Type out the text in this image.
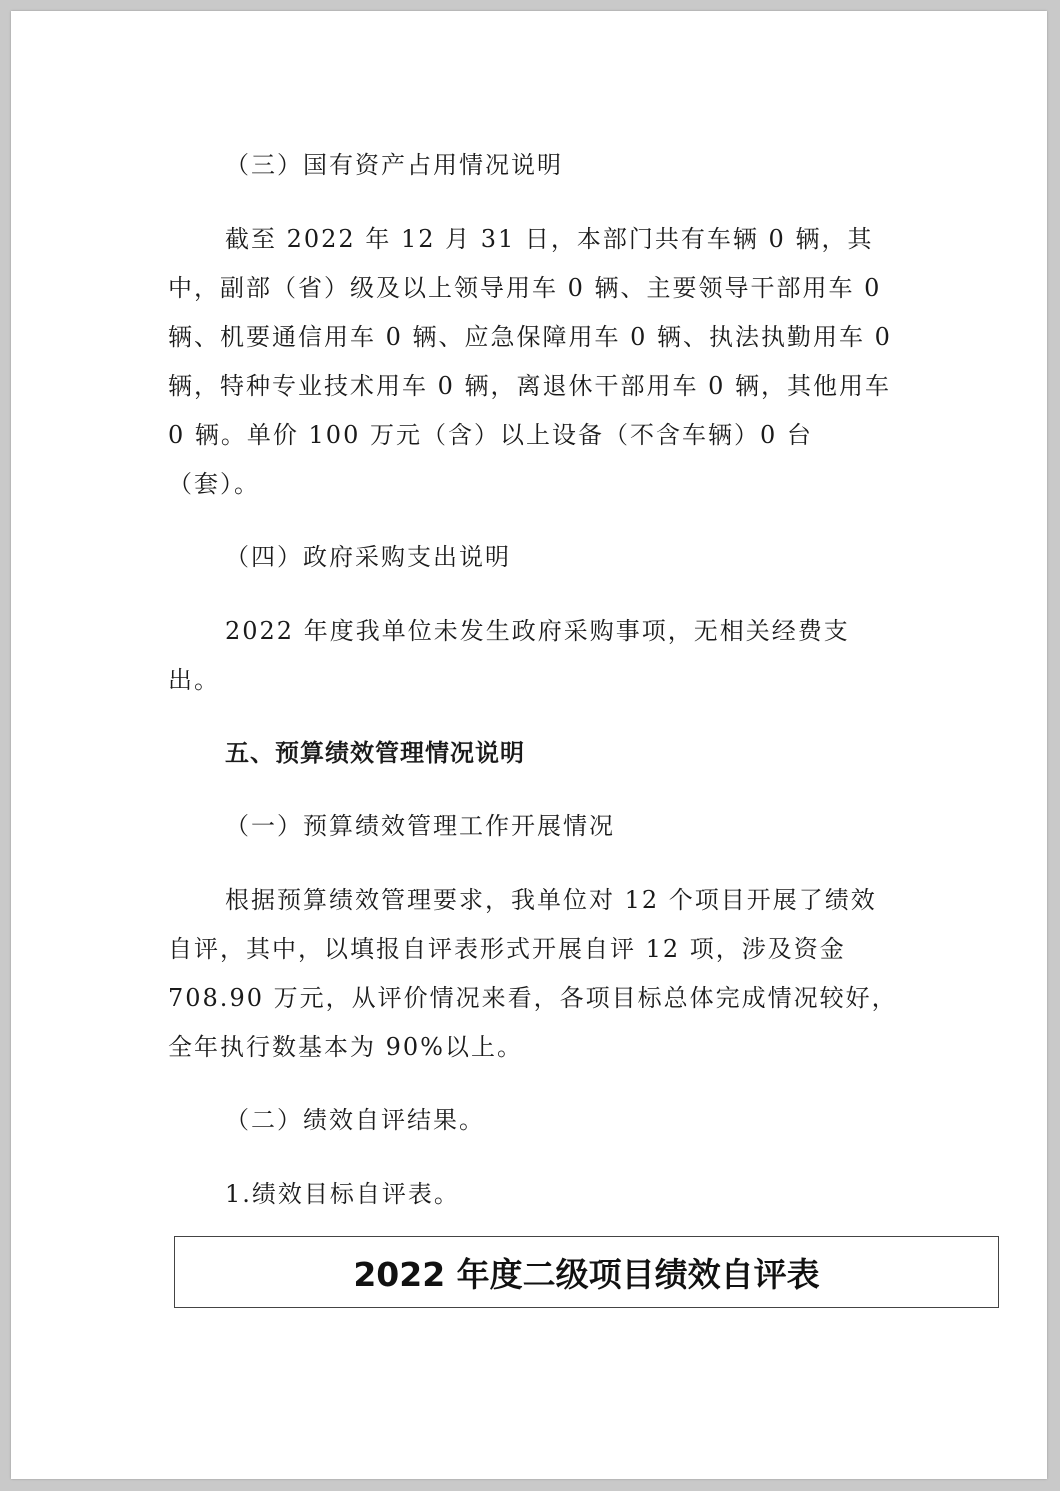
（三）国有资产占用情况说明

截至 2022 年 12 月 31 日，本部门共有车辆 0 辆，其中，副部（省）级及以上领导用车 0 辆、主要领导干部用车 0 辆、机要通信用车 0 辆、应急保障用车 0 辆、执法执勤用车 0 辆，特种专业技术用车 0 辆，离退休干部用车 0 辆，其他用车 0 辆。单价 100 万元（含）以上设备（不含车辆）0 台（套）。

（四）政府采购支出说明

2022 年度我单位未发生政府采购事项，无相关经费支出。

五、预算绩效管理情况说明

（一）预算绩效管理工作开展情况

根据预算绩效管理要求，我单位对 12 个项目开展了绩效自评，其中，以填报自评表形式开展自评 12 项，涉及资金 708.90 万元，从评价情况来看，各项目标总体完成情况较好，全年执行数基本为 90%以上。

（二）绩效自评结果。

1.绩效目标自评表。

2022 年度二级项目绩效自评表
